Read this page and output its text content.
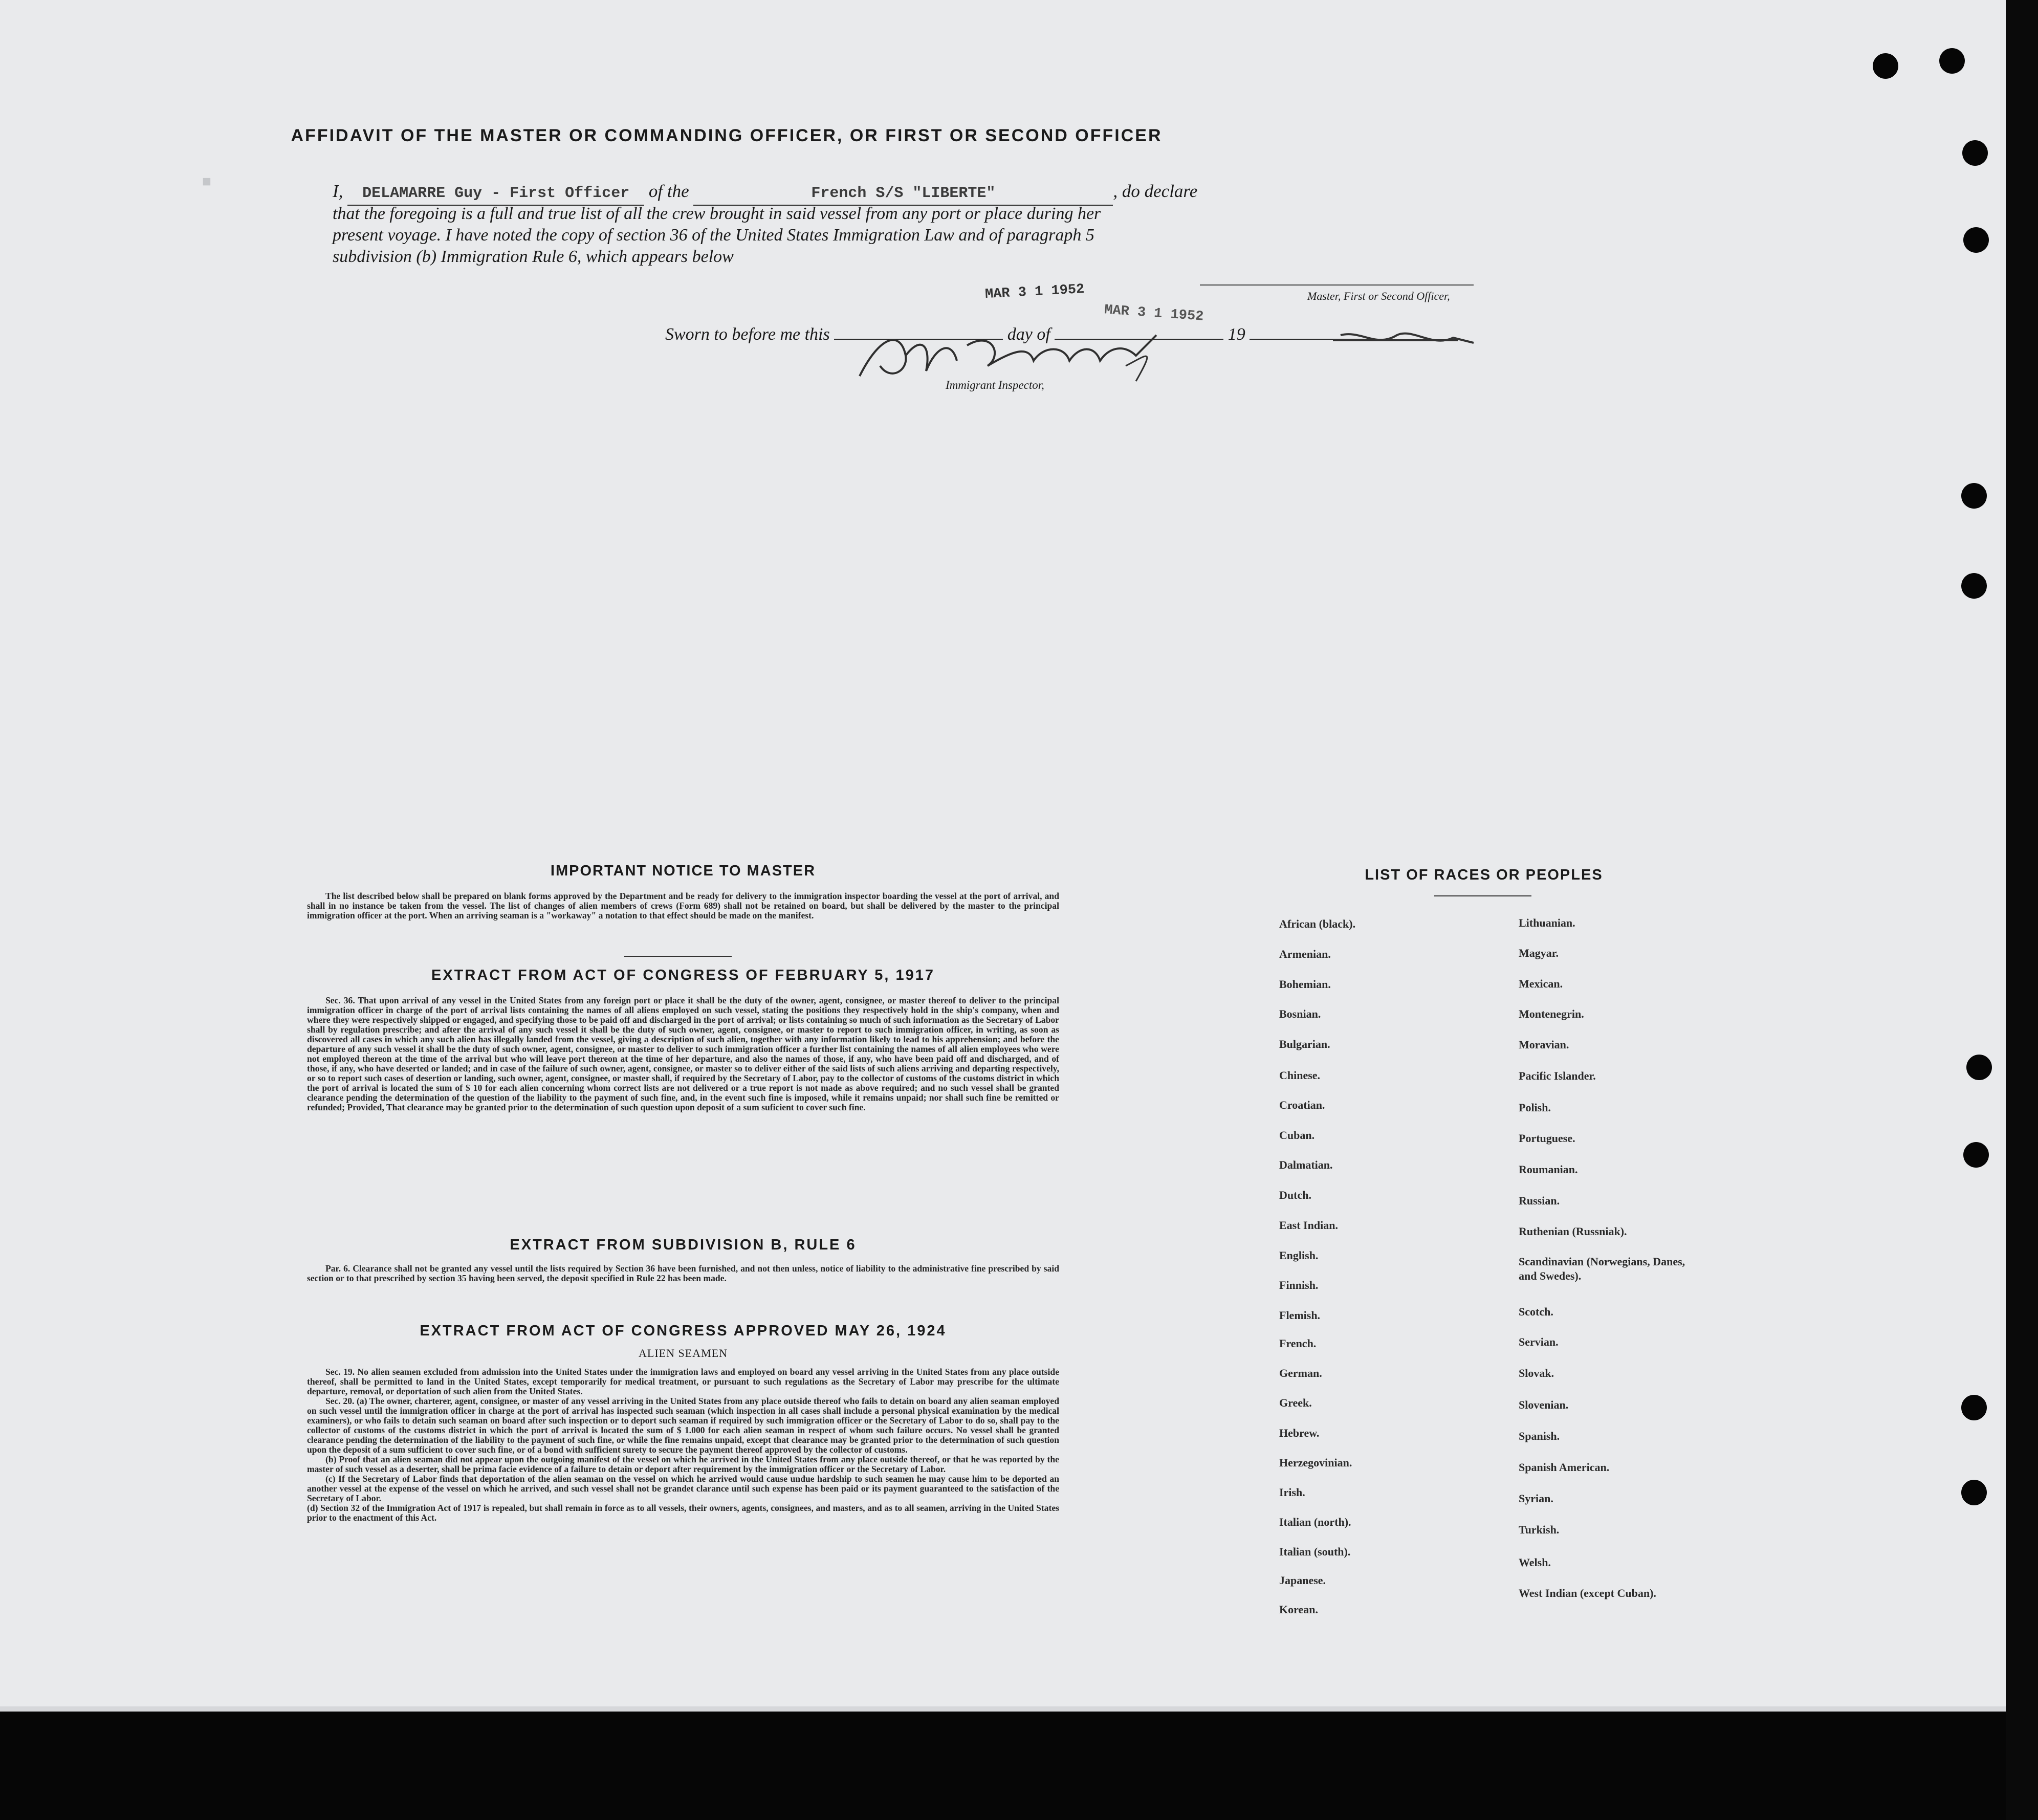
■
AFFIDAVIT OF THE MASTER OR COMMANDING OFFICER, OR FIRST OR SECOND OFFICER
I, DELAMARRE Guy - First Officer of the	French S/S "LIBERTE"	, do declare
that the foregoing is a full and true list of all the crew brought in said vessel from any port or place during her
present voyage. I have noted the copy of section 36 of the United States Immigration Law and of paragraph 5
subdivision (b) Immigration Rule 6, which appears below
MAR 3 1 1952
MAR 3 1 1952
Master, First or Second Officer,
Sworn to before me this	day of	19
Immigrant Inspector,
IMPORTANT NOTICE TO MASTER

The list described below shall be prepared on blank forms approved by the Department and be ready for delivery to the immigration inspector boarding the vessel at the port of arrival, and shall in no instance be taken from the vessel. The list of changes of alien members of crews (Form 689) shall not be retained on board, but shall be delivered by the master to the principal immigration officer at the port. When an arriving seaman is a "workaway" a notation to that effect should be made on the manifest.

EXTRACT FROM ACT OF CONGRESS OF FEBRUARY 5, 1917

Sec. 36. That upon arrival of any vessel in the United States from any foreign port or place it shall be the duty of the owner, agent, consignee, or master thereof to deliver to the principal immigration officer in charge of the port of arrival lists containing the names of all aliens employed on such vessel, stating the positions they respectively hold in the ship's company, when and where they were respectively shipped or engaged, and specifying those to be paid off and discharged in the port of arrival; or lists containing so much of such information as the Secretary of Labor shall by regulation prescribe; and after the arrival of any such vessel it shall be the duty of such owner, agent, consignee, or master to report to such immigration officer, in writing, as soon as discovered all cases in which any such alien has illegally landed from the vessel, giving a description of such alien, together with any information likely to lead to his apprehension; and before the departure of any such vessel it shall be the duty of such owner, agent, consignee, or master to deliver to such immigration officer a further list containing the names of all alien employees who were not employed thereon at the time of the arrival but who will leave port thereon at the time of her departure, and also the names of those, if any, who have been paid off and discharged, and of those, if any, who have deserted or landed; and in case of the failure of such owner, agent, consignee, or master so to deliver either of the said lists of such aliens arriving and departing respectively, or so to report such cases of desertion or landing, such owner, agent, consignee, or master shall, if required by the Secretary of Labor, pay to the collector of customs of the customs district in which the port of arrival is located the sum of $ 10 for each alien concerning whom correct lists are not delivered or a true report is not made as above required; and no such vessel shall be granted clearance pending the determination of the question of the liability to the payment of such fine, and, in the event such fine is imposed, while it remains unpaid; nor shall such fine be remitted or refunded; Provided, That clearance may be granted prior to the determination of such question upon deposit of a sum suficient to cover such fine.

EXTRACT FROM SUBDIVISION B, RULE 6

Par. 6. Clearance shall not be granted any vessel until the lists required by Section 36 have been furnished, and not then unless, notice of liability to the administrative fine prescribed by said section or to that prescribed by section 35 having been served, the deposit specified in Rule 22 has been made.

EXTRACT FROM ACT OF CONGRESS APPROVED MAY 26, 1924
ALIEN SEAMEN

Sec. 19. No alien seamen excluded from admission into the United States under the immigration laws and employed on board any vessel arriving in the United States from any place outside thereof, shall be permitted to land in the United States, except temporarily for medical treatment, or pursuant to such regulations as the Secretary of Labor may prescribe for the ultimate departure, removal, or deportation of such alien from the United States.

Sec. 20. (a) The owner, charterer, agent, consignee, or master of any vessel arriving in the United States from any place outside thereof who fails to detain on board any alien seaman employed on such vessel until the immigration officer in charge at the port of arrival has inspected such seaman (which inspection in all cases shall include a personal physical examination by the medical examiners), or who fails to detain such seaman on board after such inspection or to deport such seaman if required by such immigration officer or the Secretary of Labor to do so, shall pay to the collector of customs of the customs district in which the port of arrival is located the sum of $ 1.000 for each alien seaman in respect of whom such failure occurs. No vessel shall be granted clearance pending the determination of the liability to the payment of such fine, or while the fine remains unpaid, except that clearance may be granted prior to the determination of such question upon the deposit of a sum sufficient to cover such fine, or of a bond with sufficient surety to secure the payment thereof approved by the collector of customs.

(b) Proof that an alien seaman did not appear upon the outgoing manifest of the vessel on which he arrived in the United States from any place outside thereof, or that he was reported by the master of such vessel as a deserter, shall be prima facie evidence of a failure to detain or deport after requirement by the immigration officer or the Secretary of Labor.

(c) If the Secretary of Labor finds that deportation of the alien seaman on the vessel on which he arrived would cause undue hardship to such seamen he may cause him to be deported an another vessel at the expense of the vessel on which he arrived, and such vessel shall not be grandet clarance until such expense has been paid or its payment guaranteed to the satisfaction of the Secretary of Labor.

(d) Section 32 of the Immigration Act of 1917 is repealed, but shall remain in force as to all vessels, their owners, agents, consignees, and masters, and as to all seamen, arriving in the United States prior to the enactment of this Act.

LIST OF RACES OR PEOPLES
African (black).
Armenian.
Bohemian.
Bosnian.
Bulgarian.
Chinese.
Croatian.
Cuban.
Dalmatian.
Dutch.
East Indian.
English.
Finnish.
Flemish.
French.
German.
Greek.
Hebrew.
Herzegovinian.
Irish.
Italian (north).
Italian (south).
Japanese.
Korean.
Lithuanian.
Magyar.
Mexican.
Montenegrin.
Moravian.
Pacific Islander.
Polish.
Portuguese.
Roumanian.
Russian.
Ruthenian (Russniak).
Scandinavian (Norwegians, Danes, and Swedes).
Scotch.
Servian.
Slovak.
Slovenian.
Spanish.
Spanish American.
Syrian.
Turkish.
Welsh.
West Indian (except Cuban).
